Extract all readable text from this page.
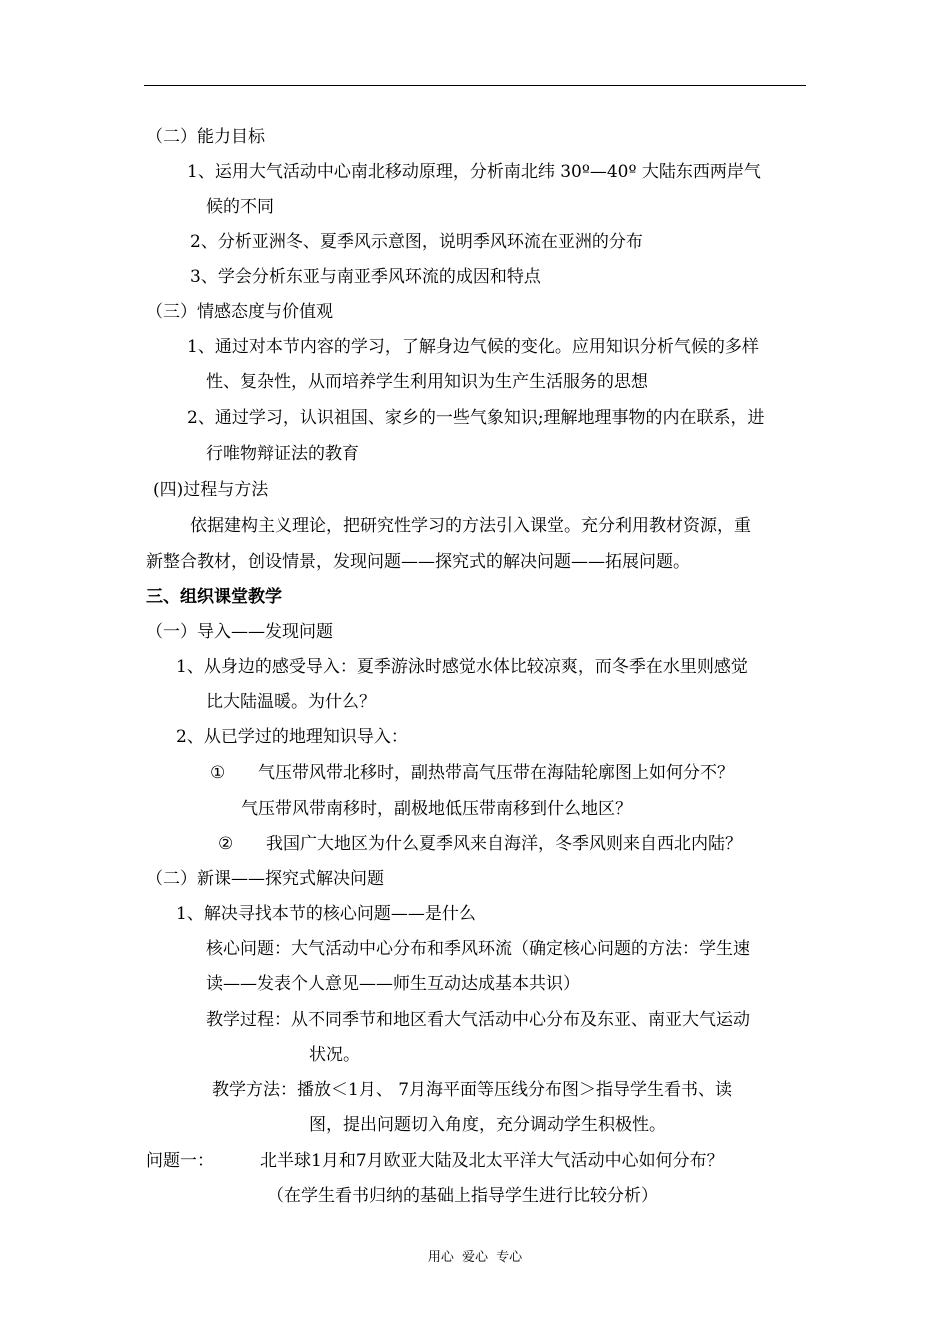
（二）能力目标
1、运用大气活动中心南北移动原理，分析南北纬 30º—40º 大陆东西两岸气
候的不同
2、分析亚洲冬、夏季风示意图，说明季风环流在亚洲的分布
3、学会分析东亚与南亚季风环流的成因和特点
（三）情感态度与价值观
1、通过对本节内容的学习，了解身边气候的变化。应用知识分析气候的多样
性、复杂性，从而培养学生利用知识为生产生活服务的思想
2、通过学习，认识祖国、家乡的一些气象知识;理解地理事物的内在联系，进
行唯物辩证法的教育
(四)过程与方法
依据建构主义理论，把研究性学习的方法引入课堂。充分利用教材资源，重
新整合教材，创设情景，发现问题——探究式的解决问题——拓展问题。
三、组织课堂教学
（一）导入——发现问题
1、从身边的感受导入：夏季游泳时感觉水体比较凉爽，而冬季在水里则感觉
比大陆温暖。为什么？
2、从已学过的地理知识导入：
① 气压带风带北移时，副热带高气压带在海陆轮廓图上如何分不？
气压带风带南移时，副极地低压带南移到什么地区？
② 我国广大地区为什么夏季风来自海洋，冬季风则来自西北内陆？
（二）新课——探究式解决问题
1、解决寻找本节的核心问题——是什么
核心问题：大气活动中心分布和季风环流（确定核心问题的方法：学生速
读——发表个人意见——师生互动达成基本共识）
教学过程：从不同季节和地区看大气活动中心分布及东亚、南亚大气运动
状况。
教学方法：播放＜1月、 7月海平面等压线分布图＞指导学生看书、读
图，提出问题切入角度，充分调动学生积极性。
问题一：	北半球1月和7月欧亚大陆及北太平洋大气活动中心如何分布？
（在学生看书归纳的基础上指导学生进行比较分析）
用心 爱心 专心
